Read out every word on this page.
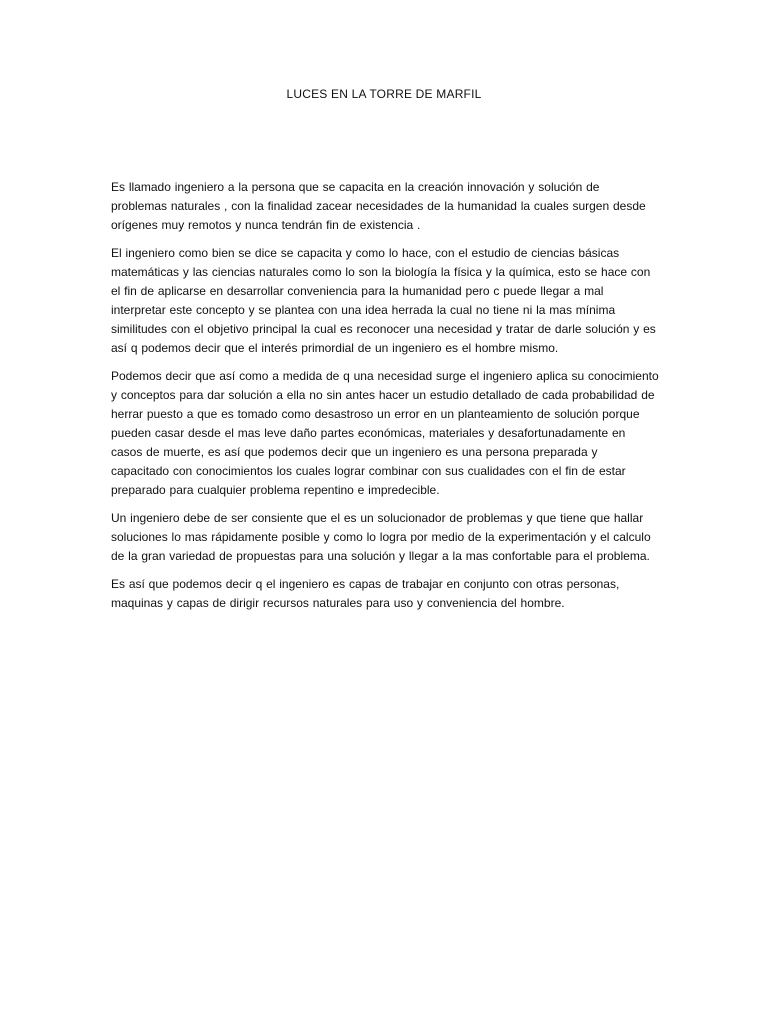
LUCES EN LA TORRE DE MARFIL

Es llamado ingeniero a la persona que se capacita en la creación innovación y solución de problemas naturales , con la finalidad zacear necesidades de la humanidad la cuales surgen desde orígenes muy remotos y nunca tendrán fin de existencia .

El ingeniero como bien se dice se capacita y como lo hace, con el estudio de ciencias básicas matemáticas y las ciencias naturales como lo son la biología la física y la química, esto se hace con el fin de aplicarse en desarrollar conveniencia para la humanidad pero c puede llegar a mal interpretar este concepto y se plantea con una idea herrada la cual no tiene ni la mas mínima similitudes con el objetivo principal la cual es reconocer una necesidad y tratar de darle solución y es así q podemos decir que el interés primordial de un ingeniero es el hombre mismo.

Podemos decir que así como a medida de q una necesidad surge el ingeniero aplica su conocimiento y conceptos para dar solución a ella no sin antes hacer un estudio detallado de cada probabilidad de herrar puesto a que es tomado como desastroso un error en un planteamiento de solución porque pueden casar desde el mas leve daño partes económicas, materiales y desafortunadamente en casos de muerte, es así que podemos decir que un ingeniero es una persona preparada y capacitado con conocimientos los cuales lograr combinar con sus cualidades con el fin de estar preparado para cualquier problema repentino e impredecible.

Un ingeniero debe de ser consiente que el es un solucionador de problemas y que tiene que hallar soluciones lo mas rápidamente posible y como lo logra por medio de la experimentación y el calculo de la gran variedad de propuestas para una solución y llegar a la mas confortable para el problema.

Es así que podemos decir q el ingeniero es capas de trabajar en conjunto con otras personas, maquinas y capas de dirigir recursos naturales para uso y conveniencia del hombre.
